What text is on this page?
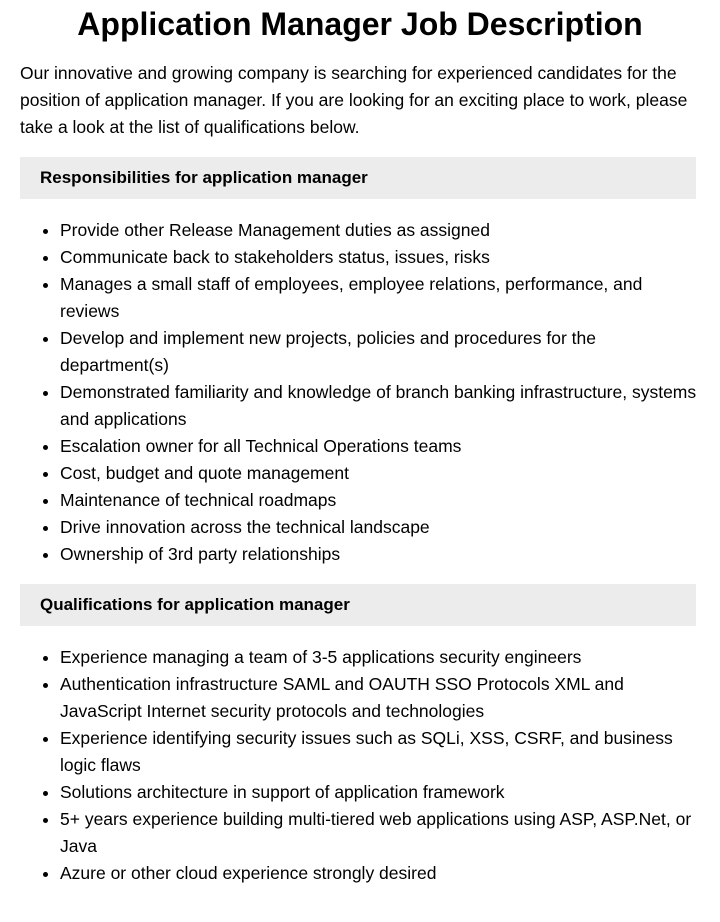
Application Manager Job Description

Our innovative and growing company is searching for experienced candidates for the position of application manager. If you are looking for an exciting place to work, please take a look at the list of qualifications below.

Responsibilities for application manager
• Provide other Release Management duties as assigned
• Communicate back to stakeholders status, issues, risks
• Manages a small staff of employees, employee relations, performance, and reviews
• Develop and implement new projects, policies and procedures for the department(s)
• Demonstrated familiarity and knowledge of branch banking infrastructure, systems and applications
• Escalation owner for all Technical Operations teams
• Cost, budget and quote management
• Maintenance of technical roadmaps
• Drive innovation across the technical landscape
• Ownership of 3rd party relationships
Qualifications for application manager
• Experience managing a team of 3-5 applications security engineers
• Authentication infrastructure SAML and OAUTH SSO Protocols XML and JavaScript Internet security protocols and technologies
• Experience identifying security issues such as SQLi, XSS, CSRF, and business logic flaws
• Solutions architecture in support of application framework
• 5+ years experience building multi-tiered web applications using ASP, ASP.Net, or Java
• Azure or other cloud experience strongly desired
